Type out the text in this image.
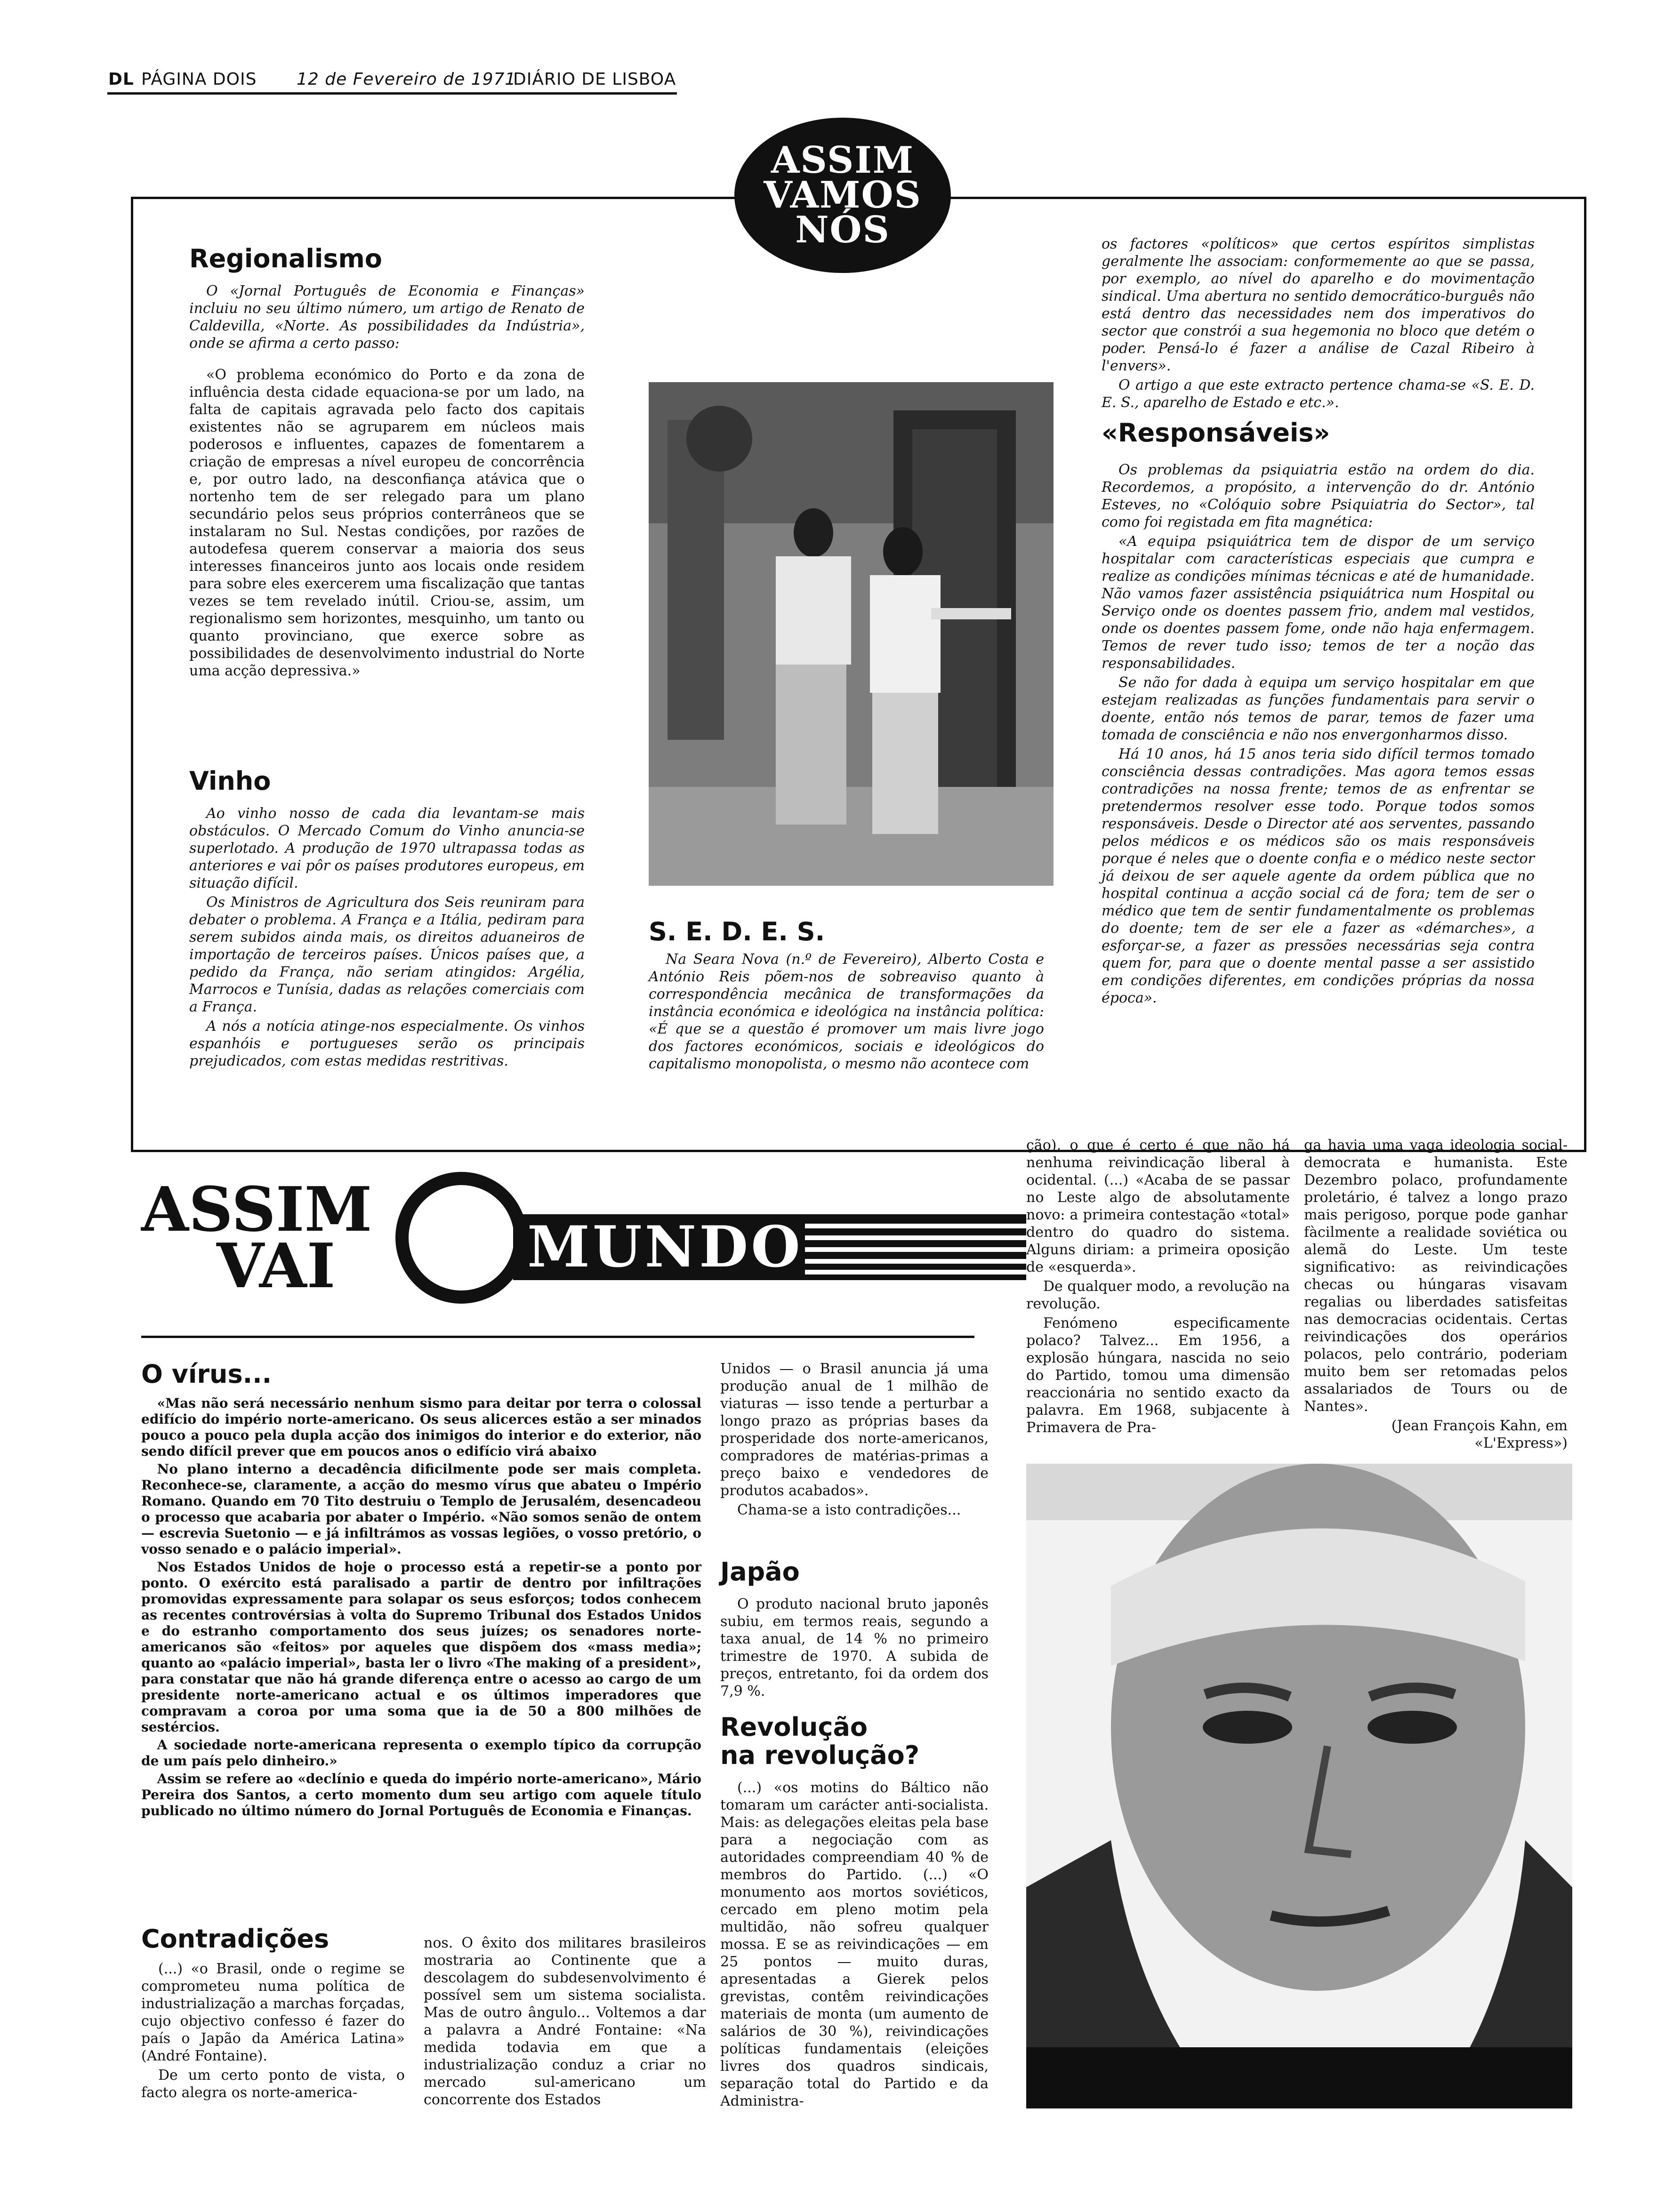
DL PÁGINA DOIS 12 de Fevereiro de 1971
DIÁRIO DE LISBOA
ASSIM
VAMOS
NÓS
Regionalismo

O «Jornal Português de Economia e Finanças» incluiu no seu último número, um artigo de Renato de Caldevilla, «Norte. As possibilidades da Indústria», onde se afirma a certo passo:

«O problema económico do Porto e da zona de influência desta cidade equaciona-se por um lado, na falta de capitais agravada pelo facto dos capitais existentes não se agruparem em núcleos mais poderosos e influentes, capazes de fomentarem a criação de empresas a nível europeu de concorrência e, por outro lado, na desconfiança atávica que o nortenho tem de ser relegado para um plano secundário pelos seus próprios conterrâneos que se instalaram no Sul. Nestas condições, por razões de autodefesa querem conservar a maioria dos seus interesses financeiros junto aos locais onde residem para sobre eles exercerem uma fiscalização que tantas vezes se tem revelado inútil. Criou-se, assim, um regionalismo sem horizontes, mesquinho, um tanto ou quanto provinciano, que exerce sobre as possibilidades de desenvolvimento industrial do Norte uma acção depressiva.»

Vinho

Ao vinho nosso de cada dia levantam-se mais obstáculos. O Mercado Comum do Vinho anuncia-se superlotado. A produção de 1970 ultrapassa todas as anteriores e vai pôr os países produtores europeus, em situação difícil.

Os Ministros de Agricultura dos Seis reuniram para debater o problema. A França e a Itália, pediram para serem subidos ainda mais, os direitos aduaneiros de importação de terceiros países. Únicos países que, a pedido da França, não seriam atingidos: Argélia, Marrocos e Tunísia, dadas as relações comerciais com a França.

A nós a notícia atinge-nos especialmente. Os vinhos espanhóis e portugueses serão os principais prejudicados, com estas medidas restritivas.

S. E. D. E. S.

Na Seara Nova (n.º de Fevereiro), Alberto Costa e António Reis põem-nos de sobreaviso quanto à correspondência mecânica de transformações da instância económica e ideológica na instância política: «É que se a questão é promover um mais livre jogo dos factores económicos, sociais e ideológicos do capitalismo monopolista, o mesmo não acontece com

os factores «políticos» que certos espíritos simplistas geralmente lhe associam: conformemente ao que se passa, por exemplo, ao nível do aparelho e do movimentação sindical. Uma abertura no sentido democrático-burguês não está dentro das necessidades nem dos imperativos do sector que constrói a sua hegemonia no bloco que detém o poder. Pensá-lo é fazer a análise de Cazal Ribeiro à l'envers».

O artigo a que este extracto pertence chama-se «S. E. D. E. S., aparelho de Estado e etc.».

«Responsáveis»

Os problemas da psiquiatria estão na ordem do dia. Recordemos, a propósito, a intervenção do dr. António Esteves, no «Colóquio sobre Psiquiatria do Sector», tal como foi registada em fita magnética:

«A equipa psiquiátrica tem de dispor de um serviço hospitalar com características especiais que cumpra e realize as condições mínimas técnicas e até de humanidade. Não vamos fazer assistência psiquiátrica num Hospital ou Serviço onde os doentes passem frio, andem mal vestidos, onde os doentes passem fome, onde não haja enfermagem. Temos de rever tudo isso; temos de ter a noção das responsabilidades.

Se não for dada à equipa um serviço hospitalar em que estejam realizadas as funções fundamentais para servir o doente, então nós temos de parar, temos de fazer uma tomada de consciência e não nos envergonharmos disso.

Há 10 anos, há 15 anos teria sido difícil termos tomado consciência dessas contradições. Mas agora temos essas contradições na nossa frente; temos de as enfrentar se pretendermos resolver esse todo. Porque todos somos responsáveis. Desde o Director até aos serventes, passando pelos médicos e os médicos são os mais responsáveis porque é neles que o doente confia e o médico neste sector já deixou de ser aquele agente da ordem pública que no hospital continua a acção social cá de fora; tem de ser o médico que tem de sentir fundamentalmente os problemas do doente; tem de ser ele a fazer as «démarches», a esforçar-se, a fazer as pressões necessárias seja contra quem for, para que o doente mental passe a ser assistido em condições diferentes, em condições próprias da nossa época».

ASSIM
VAI	MUNDO
O vírus...

«Mas não será necessário nenhum sismo para deitar por terra o colossal edifício do império norte-americano. Os seus alicerces estão a ser minados pouco a pouco pela dupla acção dos inimigos do interior e do exterior, não sendo difícil prever que em poucos anos o edifício virá abaixo

No plano interno a decadência dificilmente pode ser mais completa. Reconhece-se, claramente, a acção do mesmo vírus que abateu o Império Romano. Quando em 70 Tito destruiu o Templo de Jerusalém, desencadeou o processo que acabaria por abater o Império. «Não somos senão de ontem — escrevia Suetonio — e já infiltrámos as vossas legiões, o vosso pretório, o vosso senado e o palácio imperial».

Nos Estados Unidos de hoje o processo está a repetir-se a ponto por ponto. O exército está paralisado a partir de dentro por infiltrações promovidas expressamente para solapar os seus esforços; todos conhecem as recentes controvérsias à volta do Supremo Tribunal dos Estados Unidos e do estranho comportamento dos seus juízes; os senadores norte-americanos são «feitos» por aqueles que dispõem dos «mass media»; quanto ao «palácio imperial», basta ler o livro «The making of a president», para constatar que não há grande diferença entre o acesso ao cargo de um presidente norte-americano actual e os últimos imperadores que compravam a coroa por uma soma que ia de 50 a 800 milhões de sestércios.

A sociedade norte-americana representa o exemplo típico da corrupção de um país pelo dinheiro.»

Assim se refere ao «declínio e queda do império norte-americano», Mário Pereira dos Santos, a certo momento dum seu artigo com aquele título publicado no último número do Jornal Português de Economia e Finanças.

Contradições

(...) «o Brasil, onde o regime se comprometeu numa política de industrialização a marchas forçadas, cujo objectivo confesso é fazer do país o Japão da América Latina» (André Fontaine).

De um certo ponto de vista, o facto alegra os norte-america-

nos. O êxito dos militares brasileiros mostraria ao Continente que a descolagem do subdesenvolvimento é possível sem um sistema socialista. Mas de outro ângulo... Voltemos a dar a palavra a André Fontaine: «Na medida todavia em que a industrialização conduz a criar no mercado sul-americano um concorrente dos Estados

Unidos — o Brasil anuncia já uma produção anual de 1 milhão de viaturas — isso tende a perturbar a longo prazo as próprias bases da prosperidade dos norte-americanos, compradores de matérias-primas a preço baixo e vendedores de produtos acabados».

Chama-se a isto contradições...

Japão

O produto nacional bruto japonês subiu, em termos reais, segundo a taxa anual, de 14 % no primeiro trimestre de 1970. A subida de preços, entretanto, foi da ordem dos 7,9 %.

Revolução
na revolução?

(...) «os motins do Báltico não tomaram um carácter anti-socialista. Mais: as delegações eleitas pela base para a negociação com as autoridades compreendiam 40 % de membros do Partido. (...) «O monumento aos mortos soviéticos, cercado em pleno motim pela multidão, não sofreu qualquer mossa. E se as reivindicações — em 25 pontos — muito duras, apresentadas a Gierek pelos grevistas, contêm reivindicações materiais de monta (um aumento de salários de 30 %), reivindicações políticas fundamentais (eleições livres dos quadros sindicais, separação total do Partido e da Administra-

ção), o que é certo é que não há nenhuma reivindicação liberal à ocidental. (...) «Acaba de se passar no Leste algo de absolutamente novo: a primeira contestação «total» dentro do quadro do sistema. Alguns diriam: a primeira oposição de «esquerda».

De qualquer modo, a revolução na revolução.

Fenómeno especificamente polaco? Talvez... Em 1956, a explosão húngara, nascida no seio do Partido, tomou uma dimensão reaccionária no sentido exacto da palavra. Em 1968, subjacente à Primavera de Pra-

ga havia uma vaga ideologia social-democrata e humanista. Este Dezembro polaco, profundamente proletário, é talvez a longo prazo mais perigoso, porque pode ganhar fàcilmente a realidade soviética ou alemã do Leste. Um teste significativo: as reivindicações checas ou húngaras visavam regalias ou liberdades satisfeitas nas democracias ocidentais. Certas reivindicações dos operários polacos, pelo contrário, poderiam muito bem ser retomadas pelos assalariados de Tours ou de Nantes».

(Jean François Kahn, em «L'Express»)
